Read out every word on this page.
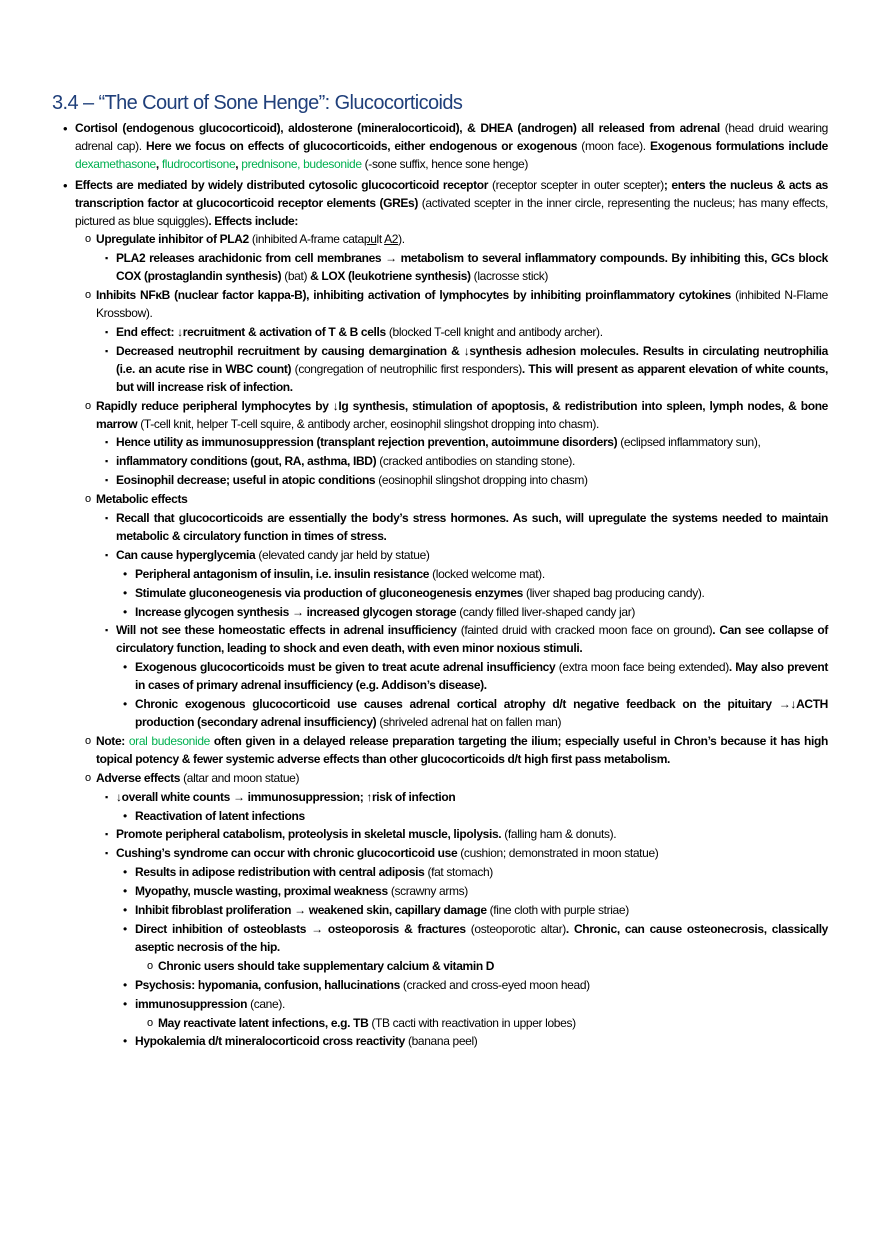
3.4 – “The Court of Sone Henge”: Glucocorticoids
• Cortisol (endogenous glucocorticoid), aldosterone (mineralocorticoid), & DHEA (androgen) all released from adrenal (head druid wearing adrenal cap). Here we focus on effects of glucocorticoids, either endogenous or exogenous (moon face). Exogenous formulations include dexamethasone, fludrocortisone, prednisone, budesonide (-sone suffix, hence sone henge)
• Effects are mediated by widely distributed cytosolic glucocorticoid receptor (receptor scepter in outer scepter); enters the nucleus & acts as transcription factor at glucocorticoid receptor elements (GREs) (activated scepter in the inner circle, representing the nucleus; has many effects, pictured as blue squiggles). Effects include:
o Upregulate inhibitor of PLA2 (inhibited A-frame catapult A2).
▪ PLA2 releases arachidonic from cell membranes → metabolism to several inflammatory compounds. By inhibiting this, GCs block COX (prostaglandin synthesis) (bat) & LOX (leukotriene synthesis) (lacrosse stick)
o Inhibits NFκB (nuclear factor kappa-B), inhibiting activation of lymphocytes by inhibiting proinflammatory cytokines (inhibited N-Flame Krossbow).
▪ End effect: ↓recruitment & activation of T & B cells (blocked T-cell knight and antibody archer).
▪ Decreased neutrophil recruitment by causing demargination & ↓synthesis adhesion molecules. Results in circulating neutrophilia (i.e. an acute rise in WBC count) (congregation of neutrophilic first responders). This will present as apparent elevation of white counts, but will increase risk of infection.
o Rapidly reduce peripheral lymphocytes by ↓Ig synthesis, stimulation of apoptosis, & redistribution into spleen, lymph nodes, & bone marrow (T-cell knit, helper T-cell squire, & antibody archer, eosinophil slingshot dropping into chasm).
▪ Hence utility as immunosuppression (transplant rejection prevention, autoimmune disorders) (eclipsed inflammatory sun),
▪ inflammatory conditions (gout, RA, asthma, IBD) (cracked antibodies on standing stone).
▪ Eosinophil decrease; useful in atopic conditions (eosinophil slingshot dropping into chasm)
o Metabolic effects
▪ Recall that glucocorticoids are essentially the body’s stress hormones. As such, will upregulate the systems needed to maintain metabolic & circulatory function in times of stress.
▪ Can cause hyperglycemia (elevated candy jar held by statue)
• Peripheral antagonism of insulin, i.e. insulin resistance (locked welcome mat).
• Stimulate gluconeogenesis via production of gluconeogenesis enzymes (liver shaped bag producing candy).
• Increase glycogen synthesis → increased glycogen storage (candy filled liver-shaped candy jar)
▪ Will not see these homeostatic effects in adrenal insufficiency (fainted druid with cracked moon face on ground). Can see collapse of circulatory function, leading to shock and even death, with even minor noxious stimuli.
• Exogenous glucocorticoids must be given to treat acute adrenal insufficiency (extra moon face being extended). May also prevent in cases of primary adrenal insufficiency (e.g. Addison’s disease).
• Chronic exogenous glucocorticoid use causes adrenal cortical atrophy d/t negative feedback on the pituitary →↓ACTH production (secondary adrenal insufficiency) (shriveled adrenal hat on fallen man)
o Note: oral budesonide often given in a delayed release preparation targeting the ilium; especially useful in Chron’s because it has high topical potency & fewer systemic adverse effects than other glucocorticoids d/t high first pass metabolism.
o Adverse effects (altar and moon statue)
▪ ↓overall white counts → immunosuppression; ↑risk of infection
• Reactivation of latent infections
▪ Promote peripheral catabolism, proteolysis in skeletal muscle, lipolysis. (falling ham & donuts).
▪ Cushing’s syndrome can occur with chronic glucocorticoid use (cushion; demonstrated in moon statue)
• Results in adipose redistribution with central adiposis (fat stomach)
• Myopathy, muscle wasting, proximal weakness (scrawny arms)
• Inhibit fibroblast proliferation → weakened skin, capillary damage (fine cloth with purple striae)
• Direct inhibition of osteoblasts → osteoporosis & fractures (osteoporotic altar). Chronic, can cause osteonecrosis, classically aseptic necrosis of the hip.
o Chronic users should take supplementary calcium & vitamin D
• Psychosis: hypomania, confusion, hallucinations (cracked and cross-eyed moon head)
• immunosuppression (cane).
o May reactivate latent infections, e.g. TB (TB cacti with reactivation in upper lobes)
• Hypokalemia d/t mineralocorticoid cross reactivity (banana peel)
